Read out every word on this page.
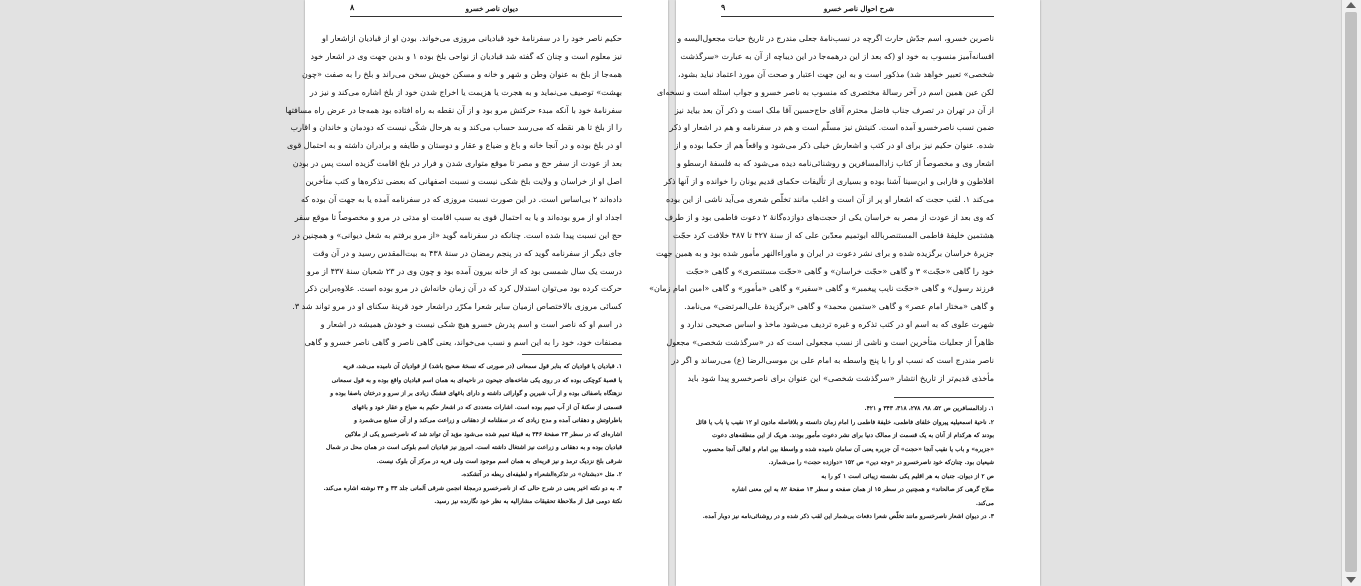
۸	دیوان ناصر خسرو
حکیم ناصر خود را در سفرنامهٔ خود قبادیانی مروزی می‌خواند. بودن او از قبادیان ازاشعار او
نیز معلوم است و چنان که گفته شد قبادیان از نواحی بلخ بوده ۱ و بدین جهت وی در اشعار خود
همه‌جا از بلخ به عنوان وطن و شهر و خانه و مسکن خویش سخن می‌راند و بلخ را به صفت «چون
بهشت» توصیف می‌نماید و به هجرت یا هزیمت یا اخراج شدن خود از بلخ اشاره می‌کند و نیز در
سفرنامهٔ خود با آنکه مبدء حرکتش مرو بود و از آن نقطه به راه افتاده بود همه‌جا در عرض راه مسافتها
را از بلخ تا هر نقطه که می‌رسد حساب می‌کند و به هرحال شکّی نیست که دودمان و خاندان و اقارب
او در بلخ بوده و در آنجا خانه و باغ و ضیاع و عقار و دوستان و طایفه و برادران داشته و به احتمال قوی
بعد از عودت از سفر حج و مصر تا موقع متواری شدن و فرار در بلخ اقامت گزیده است پس در بودن
اصل او از خراسان و ولایت بلخ شکی نیست و نسبت اصفهانی که بعضی تذکره‌ها و کتب متأخرین
داده‌اند ۲ بی‌اساس است. در این صورت نسبت مروزی که در سفرنامه آمده یا به جهت آن بوده که
اجداد او از مرو بوده‌اند و یا به احتمال قوی به سبب اقامت او مدتی در مرو و مخصوصاً تا موقع سفر
حج این نسبت پیدا شده است. چنانکه در سفرنامه گوید «از مرو برفتم به شغل دیوانی» و همچنین در
جای دیگر از سفرنامه گوید که در پنجم رمضان در سنهٔ ۴۳۸ به بیت‌المقدس رسید و در آن وقت
درست یک سال شمسی بود که از خانه بیرون آمده بود و چون وی در ۲۳ شعبان سنهٔ ۴۳۷ از مرو
حرکت کرده بود می‌توان استدلال کرد که در آن زمان خانه‌اش در مرو بوده است. علاوه‌براین ذکر
کسائی مروزی بالاختصاص ازمیان سایر شعرا مکرّر دراشعار خود قرینهٔ سکنای او در مرو تواند شد ۳.
در اسم او که ناصر است و اسم پدرش خسرو هیچ شکی نیست و خودش همیشه در اشعار و
مصنفات خود، خود را به این اسم و نسب می‌خواند، یعنی گاهی ناصر و گاهی ناصر خسرو و گاهی
۱. قبادیان یا قوادیان که بنابر قول سمعانی (در صورتی که نسخهٔ صحیح باشد) از قوادیان آن نامیده می‌شد، قریه
یا قصبهٔ کوچکی بوده که در روی یکی شاخه‌های جیحون در ناحیه‌ای به همان اسم قبادیان واقع بوده و به قول سمعانی
نزهتگاه باصفائی بوده و از آب شیرین و گوارائی داشته و دارای باغهای قشنگ زیادی بر از سرو و درختان باصفا بوده و
قسمتی از سکنهٔ آن از آب تمیم بوده است. اشارات متعددی که در اشعار حکیم به ضیاع و عقار خود و باغهای
باطراوتش و دهقانی آمده و مدح زیادی که در سفلنامه از دهقانی و زراعت می‌کند و از آن صنایع می‌شمرد و
اشاره‌ای که در سطر ۲۳ صفحهٔ ۳۴۶ به قبیلهٔ تمیم شده می‌شود مؤید آن تواند شد که ناصرخسرو یکی از ملاکین
قبادیان بوده و به دهقانی و زراعت نیز اشتغال داشته است. امروز نیز قبادیان اسم بلوکی است در همان محل در شمال
شرقی بلخ نزدیک ترمذ و نیز قریه‌ای به همان اسم موجود است ولی قریه در مرکز آن بلوک نیست.
۲. مثل «دبشتان» در تذکرةالشعراء و لطیفه‌ای ربطه در آتشکده.
۳. به دو نکته اخیر یعنی در شرح حالی که از ناصرخسرو درمجلهٔ انجمن شرقی آلمانی جلد ۳۳ و ۳۴ نوشته اشاره می‌کند.
نکتهٔ دومی قبل از ملاحظهٔ تحقیقات مشارالیه به نظر خود نگارنده نیز رسید.
۹	شرح احوال ناصر خسرو
ناصربن خسرو، اسم جدّش حارث اگرچه در نسب‌نامهٔ جعلی مندرج در تاریخ حیات مجعول‌الیسه و
افسانه‌آمیز منسوب به خود او (که بعد از این درهمه‌جا در این دیباچه از آن به عبارت «سرگذشت
شخصی» تعبیر خواهد شد) مذکور است و به این جهت اعتبار و صحت آن مورد اعتماد نباید بشود،
لکن عین همین اسم در آخر رسالهٔ مختصری که منسوب به ناصر خسرو و جواب اسئله است و نسخه‌ای
از آن در تهران در تصرف جناب فاضل محترم آقای حاج‌حسین آقا ملک است و ذکر آن بعد بیاید نیز
ضمن نسب ناصرخسرو آمده است. کنیتش نیز مسلّم است و هم در سفرنامه و هم در اشعار او ذکر
شده. عنوان حکیم نیز برای او در کتب و اشعارش خیلی ذکر می‌شود و واقعاً هم از حکما بوده و از
اشعار وی و مخصوصاً از کتاب زادالمسافرین و روشنائی‌نامه دیده می‌شود که به فلسفهٔ ارسطو و
افلاطون و فارابی و ابن‌سینا آشنا بوده و بسیاری از تألیفات حکمای قدیم یونان را خوانده و از آنها ذکر
می‌کند ۱. لقب حجت که اشعار او پر از آن است و اغلب مانند تخلّص شعری می‌آید ناشی از این بوده
که وی بعد از عودت از مصر به خراسان یکی از حجت‌های دوازده‌گانهٔ ۲ دعوت فاطمی بود و از طرف
هشتمین خلیفهٔ فاطمی المستنصربالله ابوتمیم معدّبن علی که از سنهٔ ۴۲۷ تا ۴۸۷ خلافت کرد حجّت
جزیرهٔ خراسان برگزیده شده و برای نشر دعوت در ایران و ماوراءالنهر مأمور شده بود و به همین جهت
خود را گاهی «حجّت» ۳ و گاهی «حجّت خراسان» و گاهی «حجّت مستنصری» و گاهی «حجّت
فرزند رسول» و گاهی «حجّت نایب پیغمبر» و گاهی «سفیر» و گاهی «مأمور» و گاهی «امین امام زمان»
و گاهی «مختار امام عصر» و گاهی «ستمین محمد» و گاهی «برگزیدهٔ علی‌المرتضی» می‌نامد.
شهرت علوی که به اسم او در کتب تذکره و غیره تردیف می‌شود ماخذ و اساس صحیحی ندارد و
ظاهراً از جعلیات متأخرین است و ناشی از نسب مجعولی است که در «سرگذشت شخصی» مجعول
ناصر مندرج است که نسب او را با پنج واسطه به امام علی بن موسی‌الرضا (ع) می‌رساند و اگر در
مأخذی قدیم‌تر از تاریخ انتشار «سرگذشت شخصی» این عنوان برای ناصرخسرو پیدا شود باید
۱. زادالمسافرین ص ۵۲، ۹۸، ۲۷۸، ۳۱۸، ۳۴۳ و ۴۲۱.
۲. ناحیهٔ اسمعیلیه پیروان خلفای فاطمی، خلیفهٔ فاطمی را امام زمان دانسته و بلافاصله مادون او ۱۲ نقیب یا باب یا قائل
بودند که هرکدام از آنان به یک قسمت از ممالک دنیا برای نشر دعوت مأمور بودند. هریک از این منطقه‌های دعوت
«جزیره» و باب یا نقیب آنجا «حجت» آن جزیره یعنی آن سامان نامیده شده و واسطهٔ بین امام و اهالی آنجا محسوب
شیعیان بود. چنان‌که خود ناصرخسرو در «وجه دین» ص ۱۵۲ «دوازده حجت» را می‌شمارد.
ص ۲ از دیوان. جنبان به هر اقلیم یکی نشسته زیبائی است ۱ کو را به
صلاح گرهی کز صالحاند» و همچنین در سطر ۱۵ از همان صفحه و سطر ۱۳ صفحهٔ ۸۲ به این معنی اشاره
می‌کند.
۳. در دیوان اشعار ناصرخسرو مانند تخلّص شعرا دفعات بی‌شمار این لقب ذکر شده و در روشنائی‌نامه نیز دوبار آمده.
